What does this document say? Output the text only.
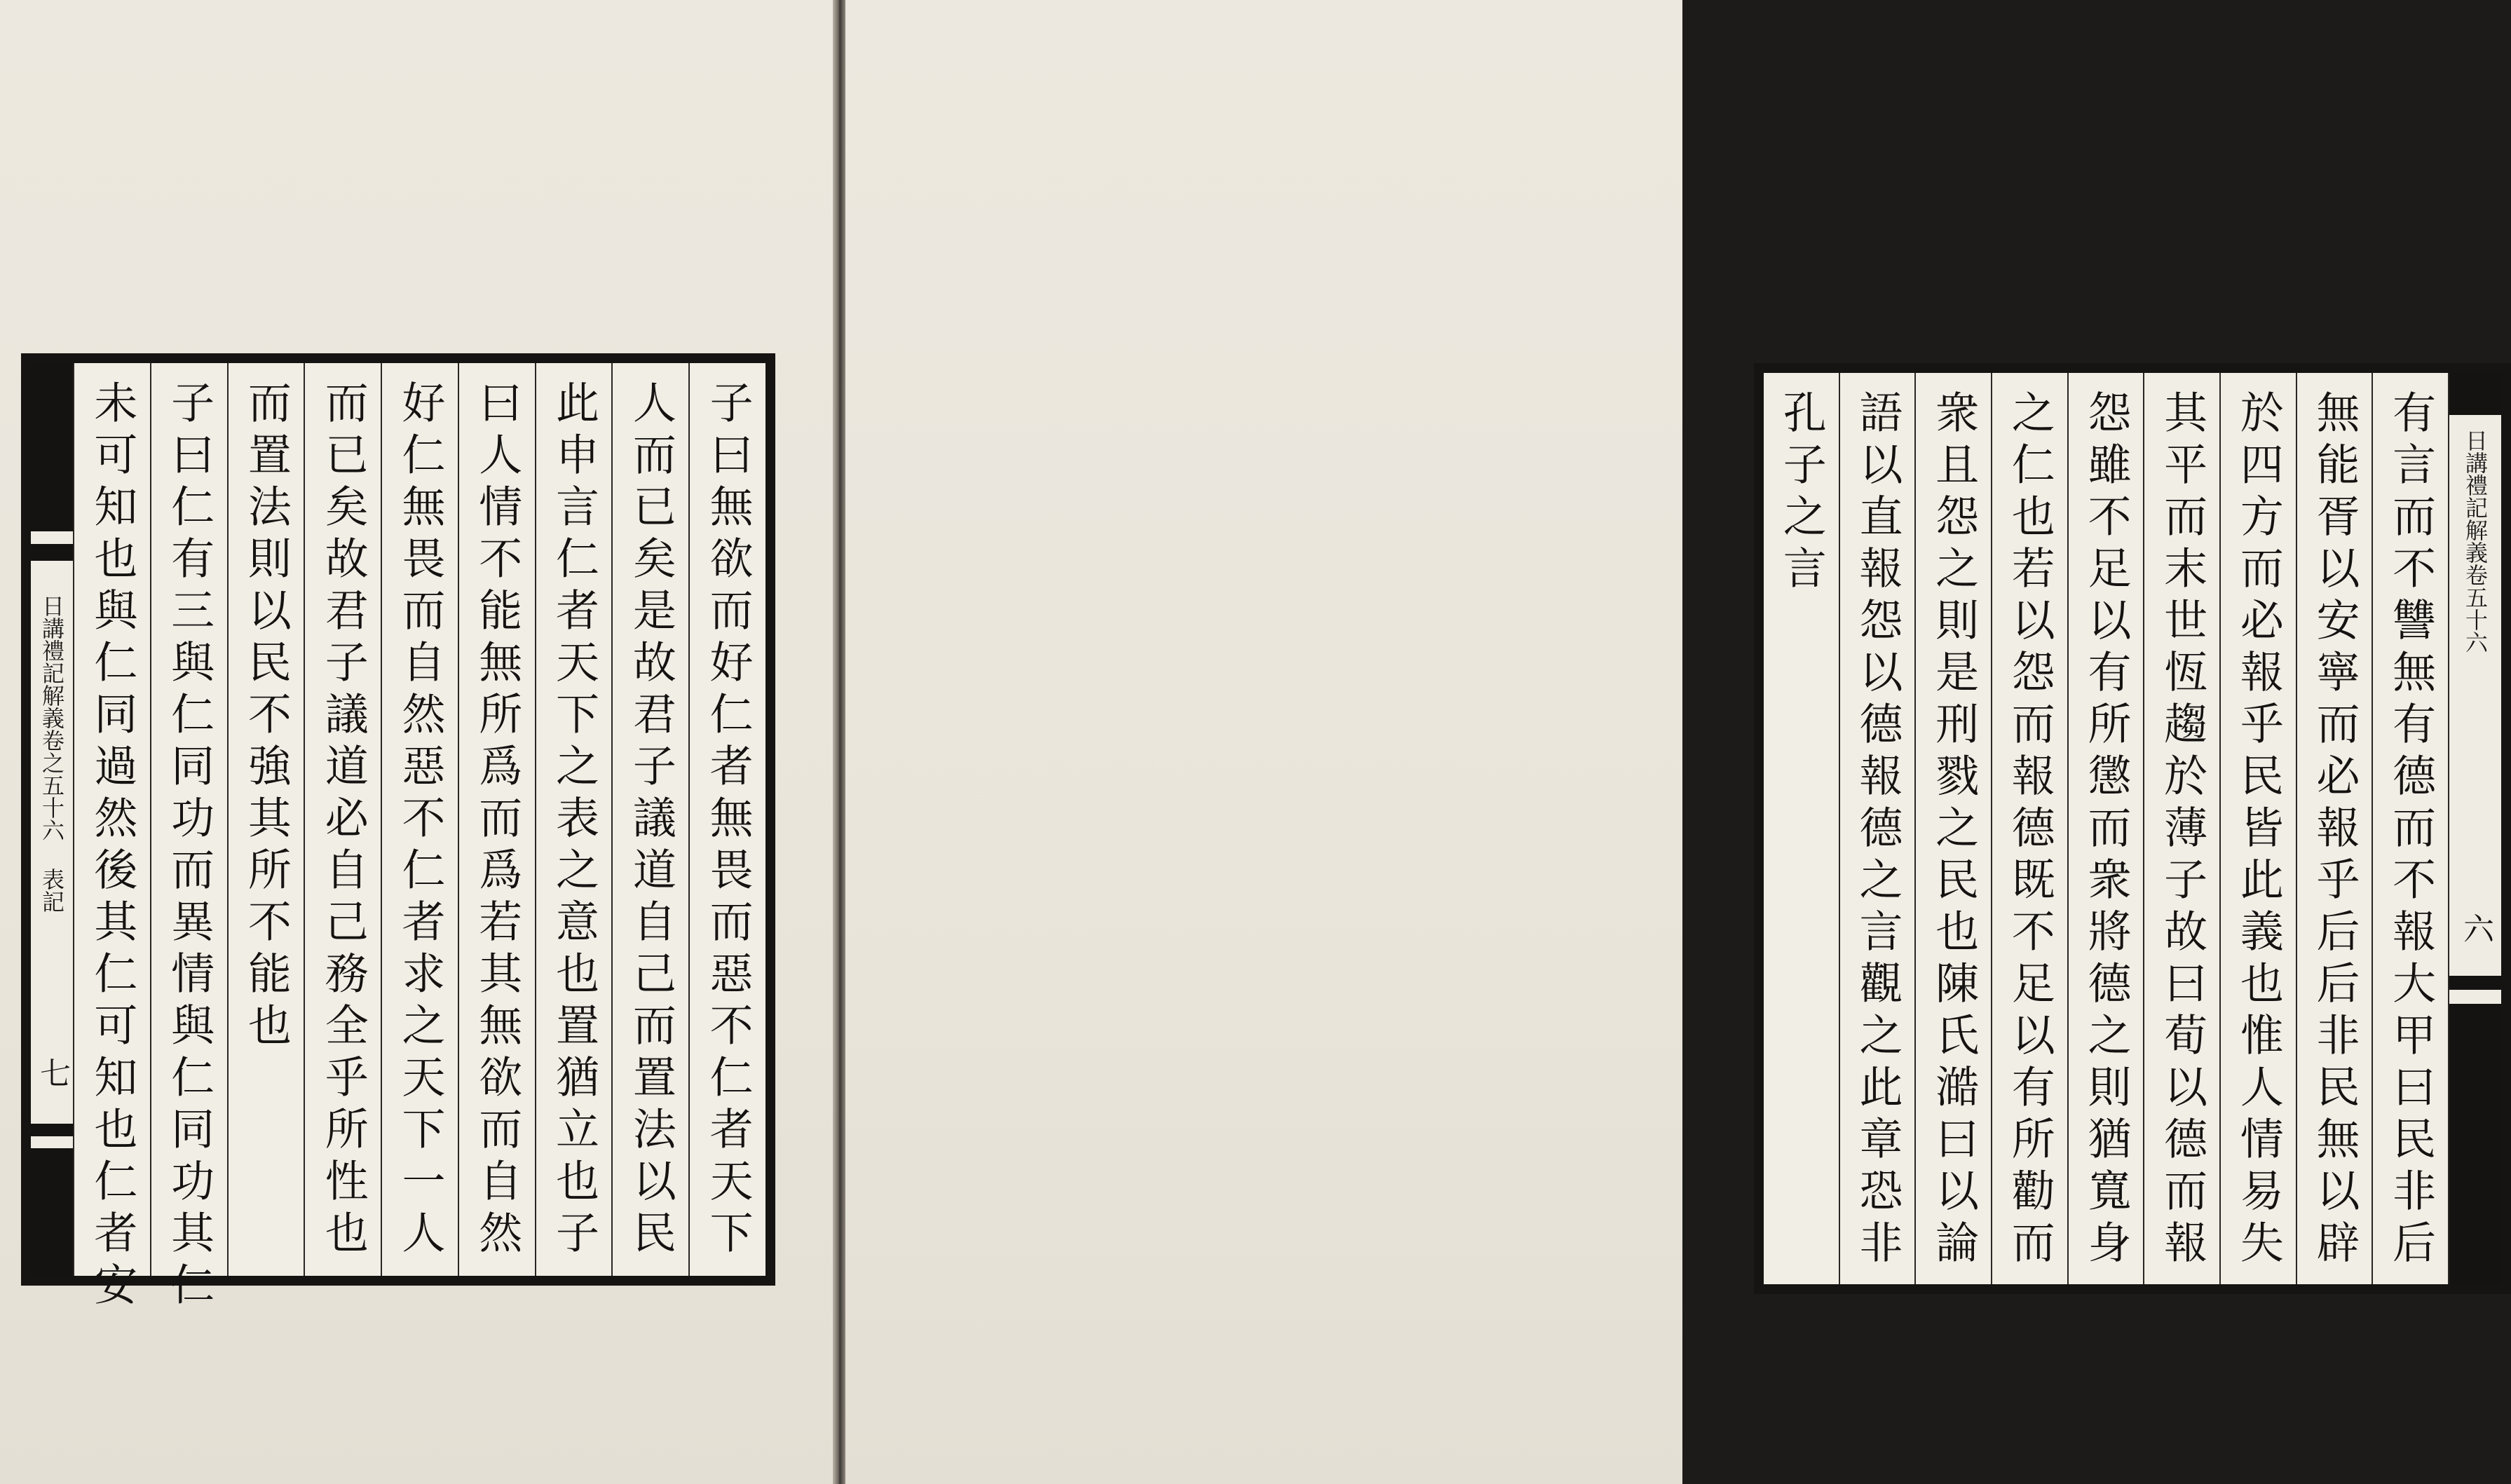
子曰無欲而好仁者無畏而惡不仁者天下一
人而已矣是故君子議道自己而置法以民
此申言仁者天下之表之意也置猶立也子
曰人情不能無所爲而爲若其無欲而自然
好仁無畏而自然惡不仁者求之天下一人
而已矣故君子議道必自己務全乎所性也
而置法則以民不強其所不能也
子曰仁有三與仁同功而異情與仁同功其仁
未可知也與仁同過然後其仁可知也仁者安
日講禮記解義卷之五十六 表記
七	有言而不讐無有德而不報大甲曰民非后
無能胥以安寧而必報乎后后非民無以辟
於四方而必報乎民皆此義也惟人情易失
其平而末世恆趨於薄子故曰荀以德而報
怨雖不足以有所懲而衆將德之則猶寬身
之仁也若以怨而報德既不足以有所勸而
衆且怨之則是刑戮之民也陳氏澔曰以論
語以直報怨以德報德之言觀之此章恐非
孔子之言	日講禮記解義卷五十六
六
